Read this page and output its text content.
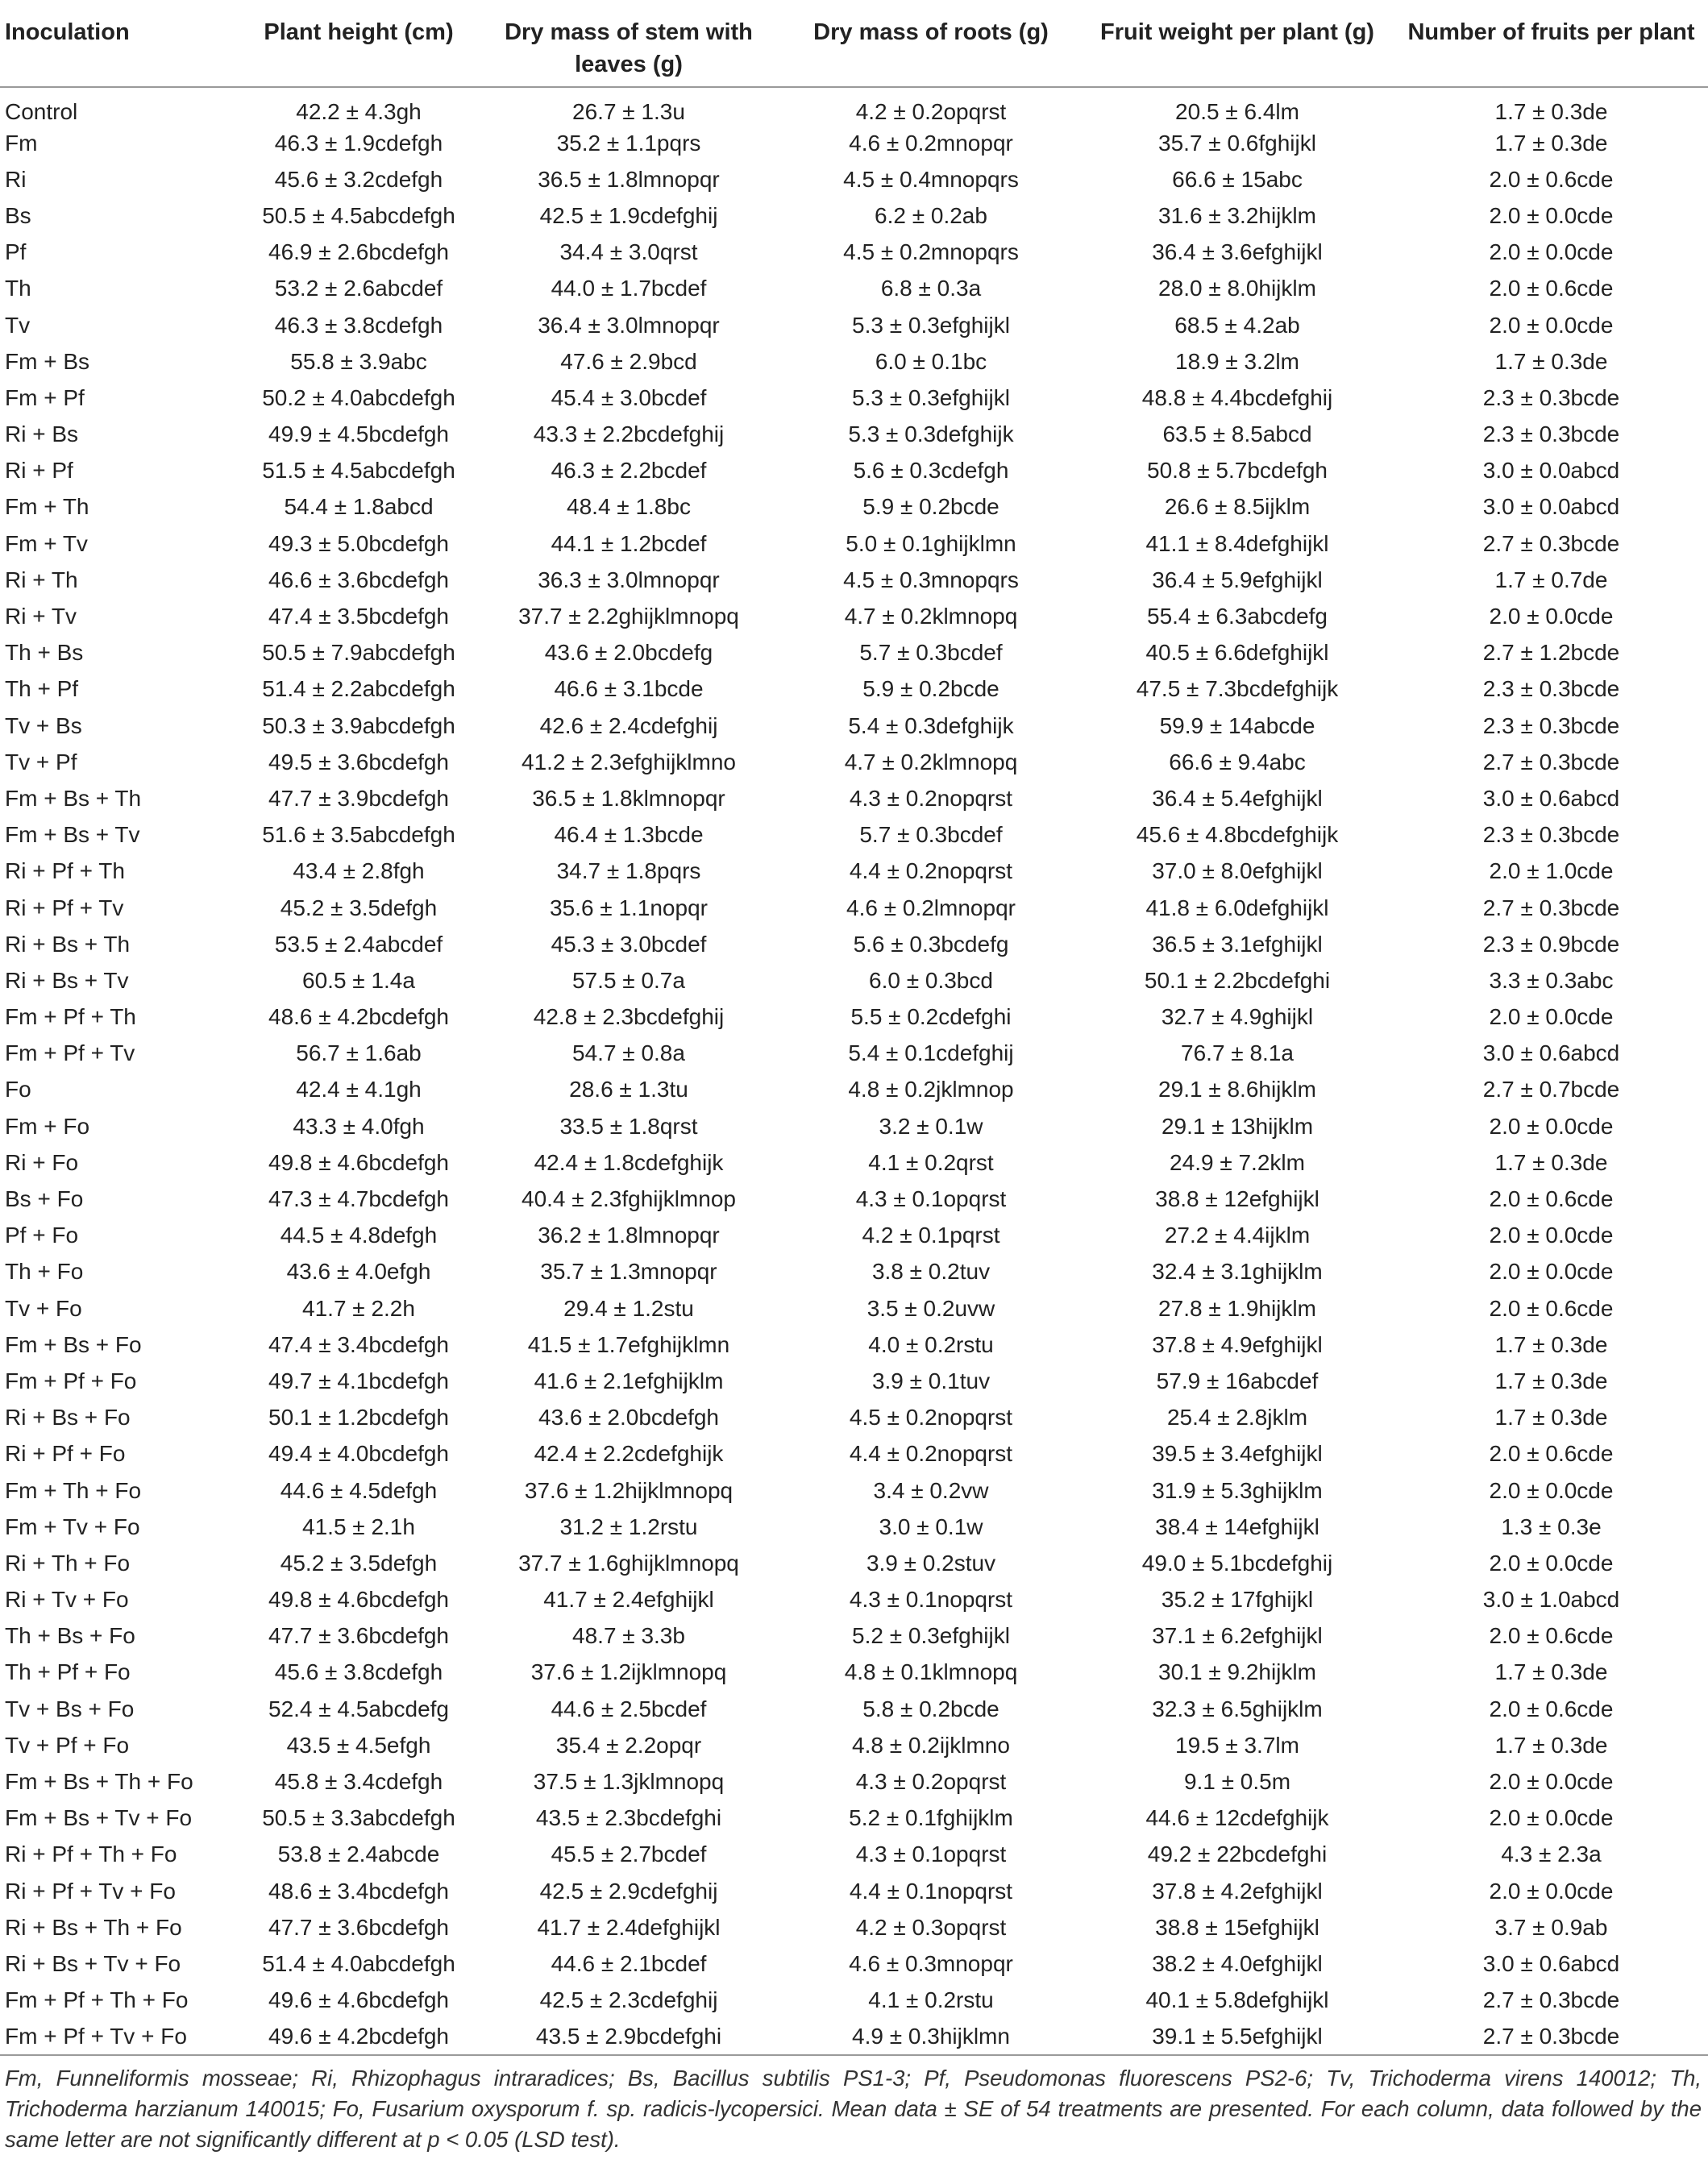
Inoculation	Plant height (cm)	Dry mass of stem with leaves (g)	Dry mass of roots (g)	Fruit weight per plant (g)	Number of fruits per plant
Control	42.2 ± 4.3gh	26.7 ± 1.3u	4.2 ± 0.2opqrst	20.5 ± 6.4lm	1.7 ± 0.3de
Fm	46.3 ± 1.9cdefgh	35.2 ± 1.1pqrs	4.6 ± 0.2mnopqr	35.7 ± 0.6fghijkl	1.7 ± 0.3de
Ri	45.6 ± 3.2cdefgh	36.5 ± 1.8lmnopqr	4.5 ± 0.4mnopqrs	66.6 ± 15abc	2.0 ± 0.6cde
Bs	50.5 ± 4.5abcdefgh	42.5 ± 1.9cdefghij	6.2 ± 0.2ab	31.6 ± 3.2hijklm	2.0 ± 0.0cde
Pf	46.9 ± 2.6bcdefgh	34.4 ± 3.0qrst	4.5 ± 0.2mnopqrs	36.4 ± 3.6efghijkl	2.0 ± 0.0cde
Th	53.2 ± 2.6abcdef	44.0 ± 1.7bcdef	6.8 ± 0.3a	28.0 ± 8.0hijklm	2.0 ± 0.6cde
Tv	46.3 ± 3.8cdefgh	36.4 ± 3.0lmnopqr	5.3 ± 0.3efghijkl	68.5 ± 4.2ab	2.0 ± 0.0cde
Fm + Bs	55.8 ± 3.9abc	47.6 ± 2.9bcd	6.0 ± 0.1bc	18.9 ± 3.2lm	1.7 ± 0.3de
Fm + Pf	50.2 ± 4.0abcdefgh	45.4 ± 3.0bcdef	5.3 ± 0.3efghijkl	48.8 ± 4.4bcdefghij	2.3 ± 0.3bcde
Ri + Bs	49.9 ± 4.5bcdefgh	43.3 ± 2.2bcdefghij	5.3 ± 0.3defghijk	63.5 ± 8.5abcd	2.3 ± 0.3bcde
Ri + Pf	51.5 ± 4.5abcdefgh	46.3 ± 2.2bcdef	5.6 ± 0.3cdefgh	50.8 ± 5.7bcdefgh	3.0 ± 0.0abcd
Fm + Th	54.4 ± 1.8abcd	48.4 ± 1.8bc	5.9 ± 0.2bcde	26.6 ± 8.5ijklm	3.0 ± 0.0abcd
Fm + Tv	49.3 ± 5.0bcdefgh	44.1 ± 1.2bcdef	5.0 ± 0.1ghijklmn	41.1 ± 8.4defghijkl	2.7 ± 0.3bcde
Ri + Th	46.6 ± 3.6bcdefgh	36.3 ± 3.0lmnopqr	4.5 ± 0.3mnopqrs	36.4 ± 5.9efghijkl	1.7 ± 0.7de
Ri + Tv	47.4 ± 3.5bcdefgh	37.7 ± 2.2ghijklmnopq	4.7 ± 0.2klmnopq	55.4 ± 6.3abcdefg	2.0 ± 0.0cde
Th + Bs	50.5 ± 7.9abcdefgh	43.6 ± 2.0bcdefg	5.7 ± 0.3bcdef	40.5 ± 6.6defghijkl	2.7 ± 1.2bcde
Th + Pf	51.4 ± 2.2abcdefgh	46.6 ± 3.1bcde	5.9 ± 0.2bcde	47.5 ± 7.3bcdefghijk	2.3 ± 0.3bcde
Tv + Bs	50.3 ± 3.9abcdefgh	42.6 ± 2.4cdefghij	5.4 ± 0.3defghijk	59.9 ± 14abcde	2.3 ± 0.3bcde
Tv + Pf	49.5 ± 3.6bcdefgh	41.2 ± 2.3efghijklmno	4.7 ± 0.2klmnopq	66.6 ± 9.4abc	2.7 ± 0.3bcde
Fm + Bs + Th	47.7 ± 3.9bcdefgh	36.5 ± 1.8klmnopqr	4.3 ± 0.2nopqrst	36.4 ± 5.4efghijkl	3.0 ± 0.6abcd
Fm + Bs + Tv	51.6 ± 3.5abcdefgh	46.4 ± 1.3bcde	5.7 ± 0.3bcdef	45.6 ± 4.8bcdefghijk	2.3 ± 0.3bcde
Ri + Pf + Th	43.4 ± 2.8fgh	34.7 ± 1.8pqrs	4.4 ± 0.2nopqrst	37.0 ± 8.0efghijkl	2.0 ± 1.0cde
Ri + Pf + Tv	45.2 ± 3.5defgh	35.6 ± 1.1nopqr	4.6 ± 0.2lmnopqr	41.8 ± 6.0defghijkl	2.7 ± 0.3bcde
Ri + Bs + Th	53.5 ± 2.4abcdef	45.3 ± 3.0bcdef	5.6 ± 0.3bcdefg	36.5 ± 3.1efghijkl	2.3 ± 0.9bcde
Ri + Bs + Tv	60.5 ± 1.4a	57.5 ± 0.7a	6.0 ± 0.3bcd	50.1 ± 2.2bcdefghi	3.3 ± 0.3abc
Fm + Pf + Th	48.6 ± 4.2bcdefgh	42.8 ± 2.3bcdefghij	5.5 ± 0.2cdefghi	32.7 ± 4.9ghijkl	2.0 ± 0.0cde
Fm + Pf + Tv	56.7 ± 1.6ab	54.7 ± 0.8a	5.4 ± 0.1cdefghij	76.7 ± 8.1a	3.0 ± 0.6abcd
Fo	42.4 ± 4.1gh	28.6 ± 1.3tu	4.8 ± 0.2jklmnop	29.1 ± 8.6hijklm	2.7 ± 0.7bcde
Fm + Fo	43.3 ± 4.0fgh	33.5 ± 1.8qrst	3.2 ± 0.1w	29.1 ± 13hijklm	2.0 ± 0.0cde
Ri + Fo	49.8 ± 4.6bcdefgh	42.4 ± 1.8cdefghijk	4.1 ± 0.2qrst	24.9 ± 7.2klm	1.7 ± 0.3de
Bs + Fo	47.3 ± 4.7bcdefgh	40.4 ± 2.3fghijklmnop	4.3 ± 0.1opqrst	38.8 ± 12efghijkl	2.0 ± 0.6cde
Pf + Fo	44.5 ± 4.8defgh	36.2 ± 1.8lmnopqr	4.2 ± 0.1pqrst	27.2 ± 4.4ijklm	2.0 ± 0.0cde
Th + Fo	43.6 ± 4.0efgh	35.7 ± 1.3mnopqr	3.8 ± 0.2tuv	32.4 ± 3.1ghijklm	2.0 ± 0.0cde
Tv + Fo	41.7 ± 2.2h	29.4 ± 1.2stu	3.5 ± 0.2uvw	27.8 ± 1.9hijklm	2.0 ± 0.6cde
Fm + Bs + Fo	47.4 ± 3.4bcdefgh	41.5 ± 1.7efghijklmn	4.0 ± 0.2rstu	37.8 ± 4.9efghijkl	1.7 ± 0.3de
Fm + Pf + Fo	49.7 ± 4.1bcdefgh	41.6 ± 2.1efghijklm	3.9 ± 0.1tuv	57.9 ± 16abcdef	1.7 ± 0.3de
Ri + Bs + Fo	50.1 ± 1.2bcdefgh	43.6 ± 2.0bcdefgh	4.5 ± 0.2nopqrst	25.4 ± 2.8jklm	1.7 ± 0.3de
Ri + Pf + Fo	49.4 ± 4.0bcdefgh	42.4 ± 2.2cdefghijk	4.4 ± 0.2nopqrst	39.5 ± 3.4efghijkl	2.0 ± 0.6cde
Fm + Th + Fo	44.6 ± 4.5defgh	37.6 ± 1.2hijklmnopq	3.4 ± 0.2vw	31.9 ± 5.3ghijklm	2.0 ± 0.0cde
Fm + Tv + Fo	41.5 ± 2.1h	31.2 ± 1.2rstu	3.0 ± 0.1w	38.4 ± 14efghijkl	1.3 ± 0.3e
Ri + Th + Fo	45.2 ± 3.5defgh	37.7 ± 1.6ghijklmnopq	3.9 ± 0.2stuv	49.0 ± 5.1bcdefghij	2.0 ± 0.0cde
Ri + Tv + Fo	49.8 ± 4.6bcdefgh	41.7 ± 2.4efghijkl	4.3 ± 0.1nopqrst	35.2 ± 17fghijkl	3.0 ± 1.0abcd
Th + Bs + Fo	47.7 ± 3.6bcdefgh	48.7 ± 3.3b	5.2 ± 0.3efghijkl	37.1 ± 6.2efghijkl	2.0 ± 0.6cde
Th + Pf + Fo	45.6 ± 3.8cdefgh	37.6 ± 1.2ijklmnopq	4.8 ± 0.1klmnopq	30.1 ± 9.2hijklm	1.7 ± 0.3de
Tv + Bs + Fo	52.4 ± 4.5abcdefg	44.6 ± 2.5bcdef	5.8 ± 0.2bcde	32.3 ± 6.5ghijklm	2.0 ± 0.6cde
Tv + Pf + Fo	43.5 ± 4.5efgh	35.4 ± 2.2opqr	4.8 ± 0.2ijklmno	19.5 ± 3.7lm	1.7 ± 0.3de
Fm + Bs + Th + Fo	45.8 ± 3.4cdefgh	37.5 ± 1.3jklmnopq	4.3 ± 0.2opqrst	9.1 ± 0.5m	2.0 ± 0.0cde
Fm + Bs + Tv + Fo	50.5 ± 3.3abcdefgh	43.5 ± 2.3bcdefghi	5.2 ± 0.1fghijklm	44.6 ± 12cdefghijk	2.0 ± 0.0cde
Ri + Pf + Th + Fo	53.8 ± 2.4abcde	45.5 ± 2.7bcdef	4.3 ± 0.1opqrst	49.2 ± 22bcdefghi	4.3 ± 2.3a
Ri + Pf + Tv + Fo	48.6 ± 3.4bcdefgh	42.5 ± 2.9cdefghij	4.4 ± 0.1nopqrst	37.8 ± 4.2efghijkl	2.0 ± 0.0cde
Ri + Bs + Th + Fo	47.7 ± 3.6bcdefgh	41.7 ± 2.4defghijkl	4.2 ± 0.3opqrst	38.8 ± 15efghijkl	3.7 ± 0.9ab
Ri + Bs + Tv + Fo	51.4 ± 4.0abcdefgh	44.6 ± 2.1bcdef	4.6 ± 0.3mnopqr	38.2 ± 4.0efghijkl	3.0 ± 0.6abcd
Fm + Pf + Th + Fo	49.6 ± 4.6bcdefgh	42.5 ± 2.3cdefghij	4.1 ± 0.2rstu	40.1 ± 5.8defghijkl	2.7 ± 0.3bcde
Fm + Pf + Tv + Fo	49.6 ± 4.2bcdefgh	43.5 ± 2.9bcdefghi	4.9 ± 0.3hijklmn	39.1 ± 5.5efghijkl	2.7 ± 0.3bcde
Fm, Funneliformis mosseae; Ri, Rhizophagus intraradices; Bs, Bacillus subtilis PS1-3; Pf, Pseudomonas fluorescens PS2-6; Tv, Trichoderma virens 140012; Th, Trichoderma harzianum 140015; Fo, Fusarium oxysporum f. sp. radicis-lycopersici. Mean data ± SE of 54 treatments are presented. For each column, data followed by the same letter are not significantly different at p < 0.05 (LSD test).
